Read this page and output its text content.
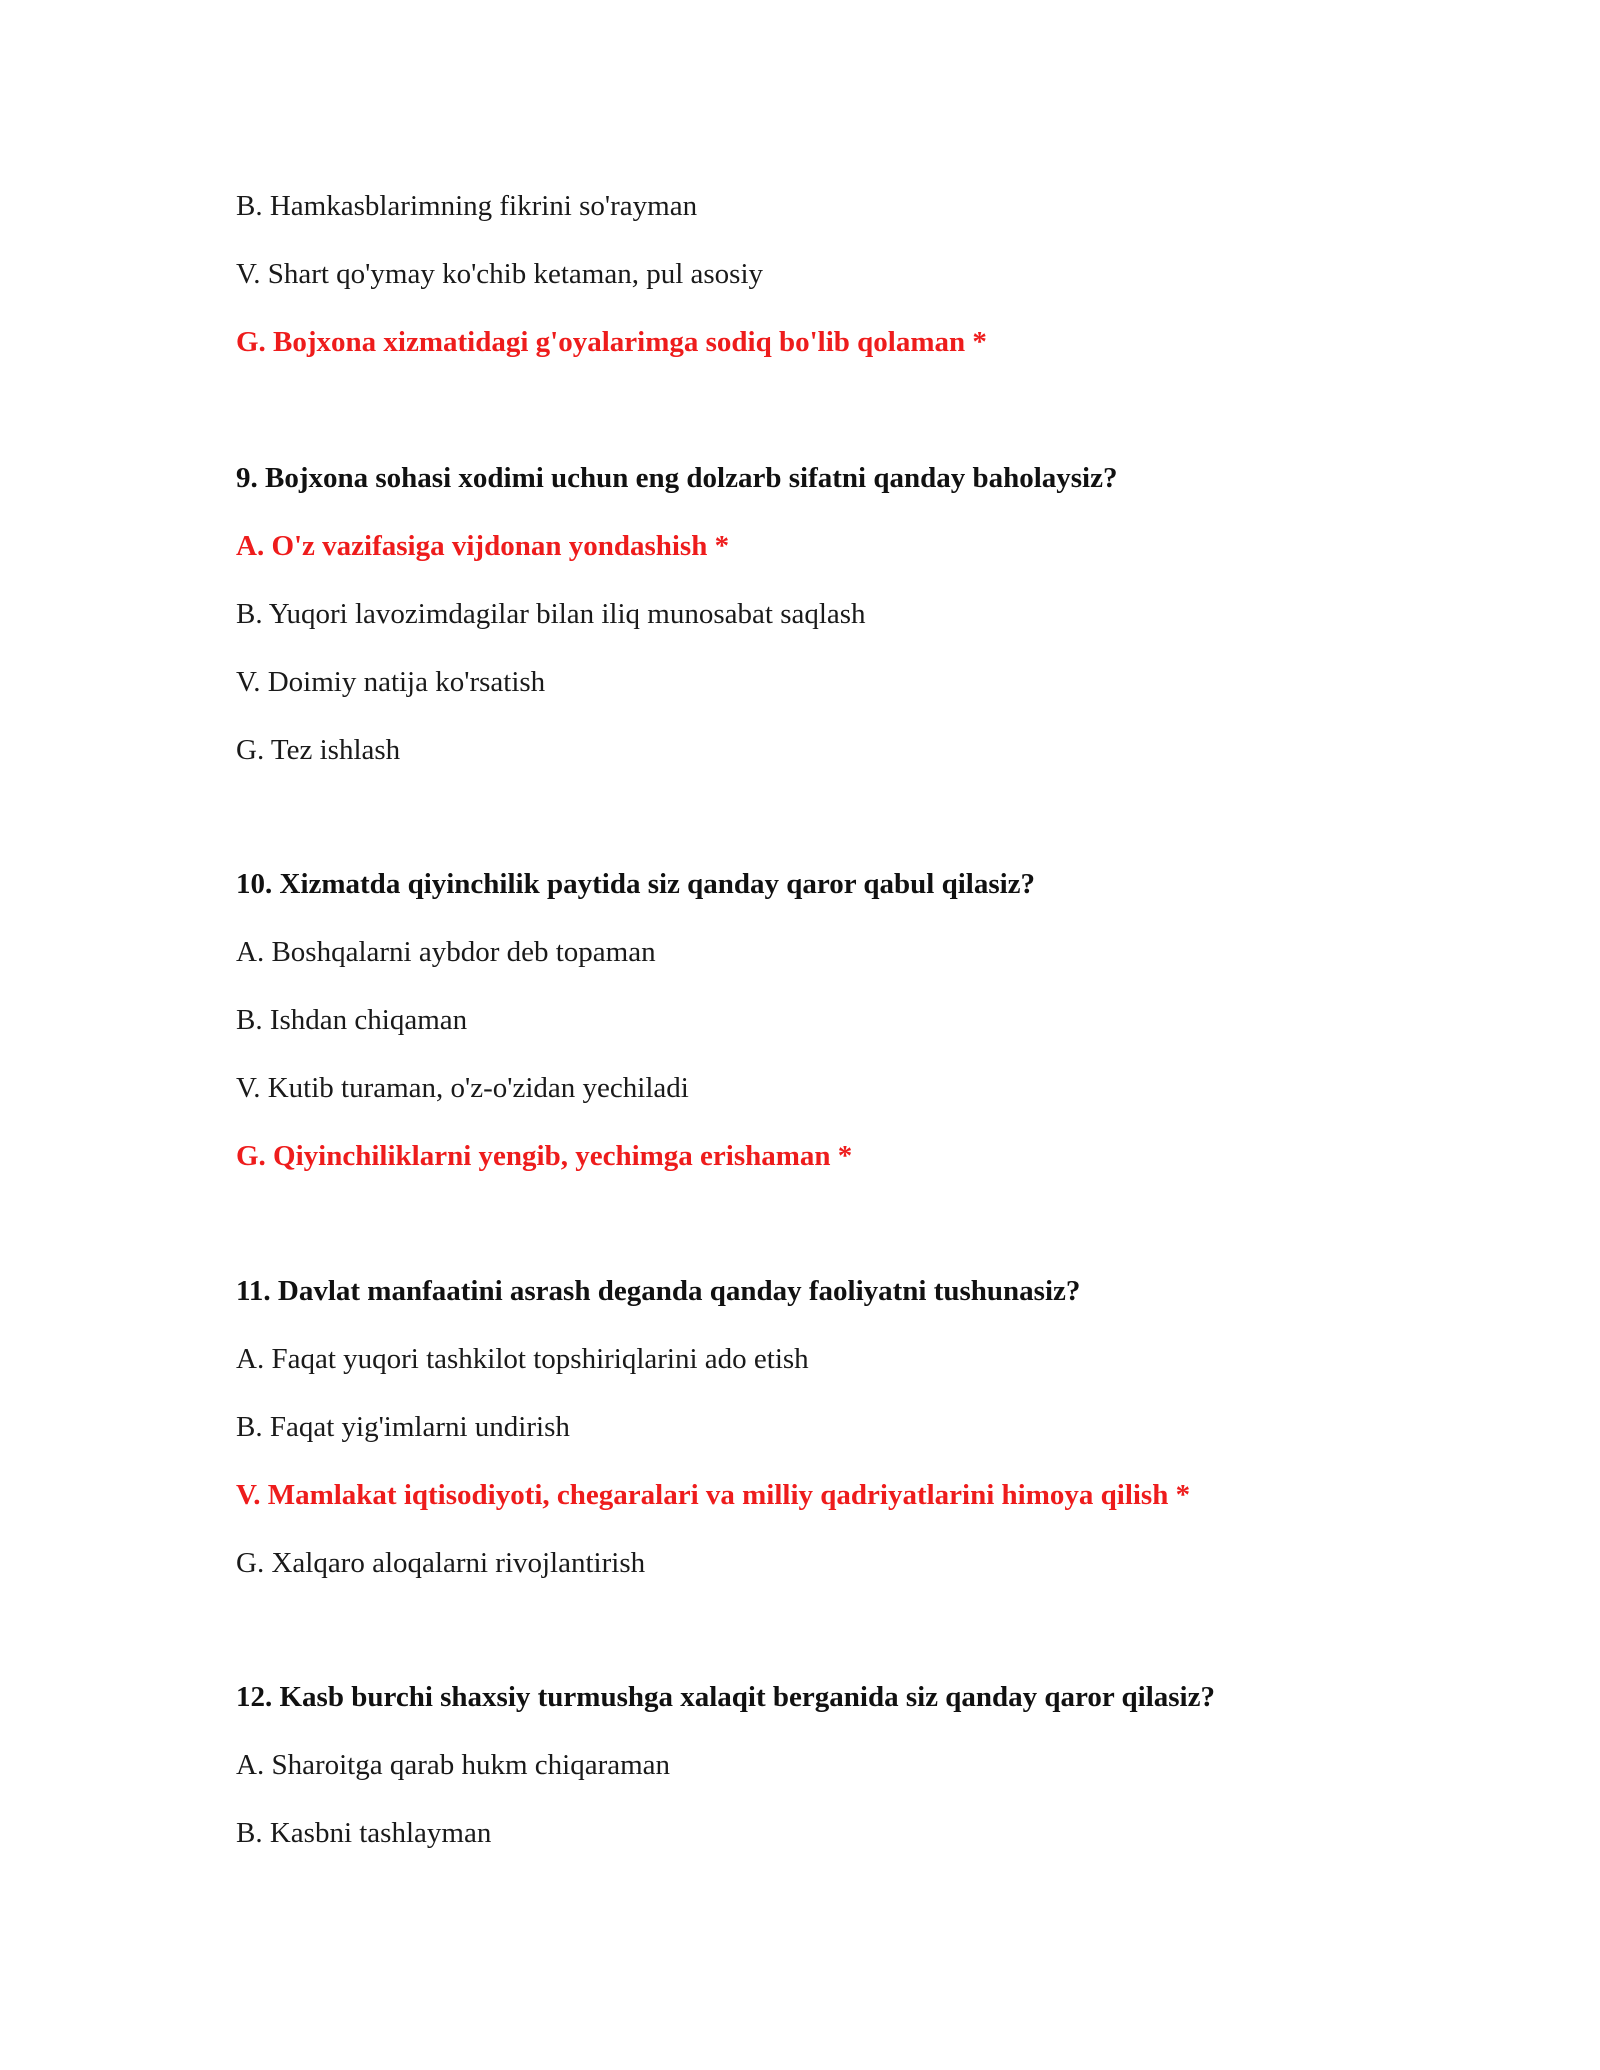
B. Hamkasblarimning fikrini so'rayman
V. Shart qo'ymay ko'chib ketaman, pul asosiy
G. Bojxona xizmatidagi g'oyalarimga sodiq bo'lib qolaman *
9. Bojxona sohasi xodimi uchun eng dolzarb sifatni qanday baholaysiz?
A. O'z vazifasiga vijdonan yondashish *
B. Yuqori lavozimdagilar bilan iliq munosabat saqlash
V. Doimiy natija ko'rsatish
G. Tez ishlash
10. Xizmatda qiyinchilik paytida siz qanday qaror qabul qilasiz?
A. Boshqalarni aybdor deb topaman
B. Ishdan chiqaman
V. Kutib turaman, o'z-o'zidan yechiladi
G. Qiyinchiliklarni yengib, yechimga erishaman *
11. Davlat manfaatini asrash deganda qanday faoliyatni tushunasiz?
A. Faqat yuqori tashkilot topshiriqlarini ado etish
B. Faqat yig'imlarni undirish
V. Mamlakat iqtisodiyoti, chegaralari va milliy qadriyatlarini himoya qilish *
G. Xalqaro aloqalarni rivojlantirish
12. Kasb burchi shaxsiy turmushga xalaqit berganida siz qanday qaror qilasiz?
A. Sharoitga qarab hukm chiqaraman
B. Kasbni tashlayman
